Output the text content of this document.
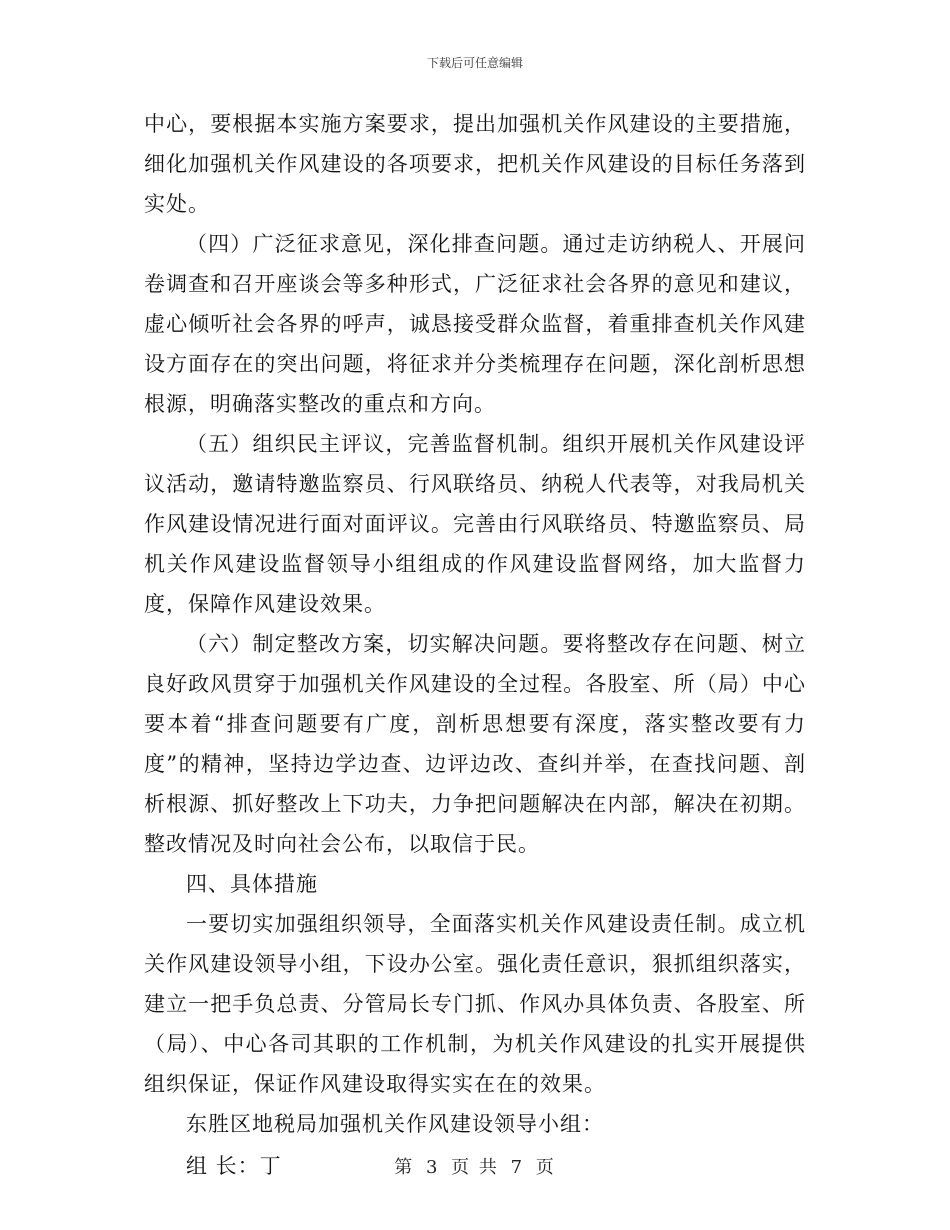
下载后可任意编辑

中心，要根据本实施方案要求，提出加强机关作风建设的主要措施，细化加强机关作风建设的各项要求，把机关作风建设的目标任务落到实处。

（四）广泛征求意见，深化排查问题。通过走访纳税人、开展问卷调查和召开座谈会等多种形式，广泛征求社会各界的意见和建议，虚心倾听社会各界的呼声，诚恳接受群众监督，着重排查机关作风建设方面存在的突出问题，将征求并分类梳理存在问题，深化剖析思想根源，明确落实整改的重点和方向。

（五）组织民主评议，完善监督机制。组织开展机关作风建设评议活动，邀请特邀监察员、行风联络员、纳税人代表等，对我局机关作风建设情况进行面对面评议。完善由行风联络员、特邀监察员、局机关作风建设监督领导小组组成的作风建设监督网络，加大监督力度，保障作风建设效果。

（六）制定整改方案，切实解决问题。要将整改存在问题、树立良好政风贯穿于加强机关作风建设的全过程。各股室、所（局）中心要本着“排查问题要有广度，剖析思想要有深度，落实整改要有力度”的精神，坚持边学边查、边评边改、查纠并举，在查找问题、剖析根源、抓好整改上下功夫，力争把问题解决在内部，解决在初期。整改情况及时向社会公布，以取信于民。

四、具体措施

一要切实加强组织领导，全面落实机关作风建设责任制。成立机关作风建设领导小组，下设办公室。强化责任意识，狠抓组织落实，建立一把手负总责、分管局长专门抓、作风办具体负责、各股室、所（局）、中心各司其职的工作机制，为机关作风建设的扎实开展提供组织保证，保证作风建设取得实实在在的效果。

东胜区地税局加强机关作风建设领导小组：

组 长：丁	第 3 页 共 7 页
